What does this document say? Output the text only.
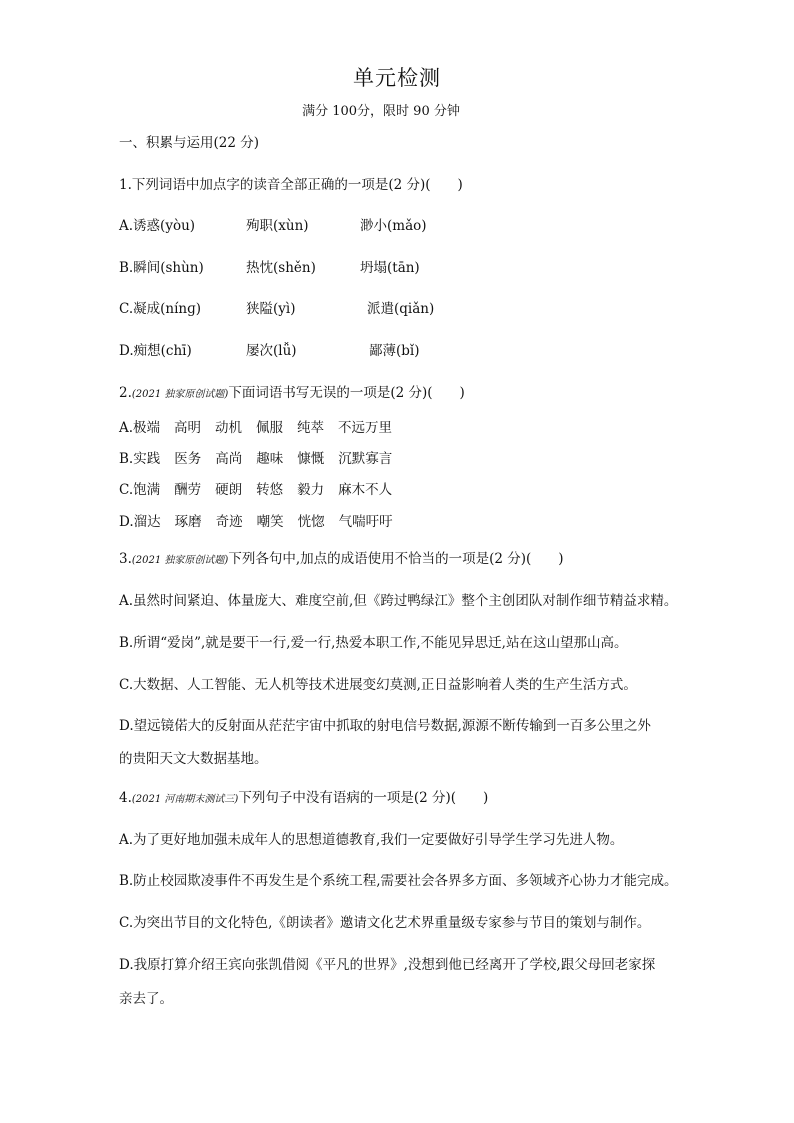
单元检测
满分 100分，限时 90 分钟
一、积累与运用(22 分)
1.下列词语中加点字的读音全部正确的一项是(2 分)(　　)
A.诱惑(yòu)	殉职(xùn)	渺小(mǎo)
B.瞬间(shùn)	热忱(shěn)	坍塌(tān)
C.凝成(nínɡ)	狭隘(yì)	派遣(qiǎn)
D.痴想(chī)	屡次(lǚ)	鄙薄(bǐ)
2.(2021 独家原创试题)下面词语书写无误的一项是(2 分)(　　)
A.极端 高明 动机 佩服 纯萃 不远万里
B.实践 医务 高尚 趣味 慷慨 沉默寡言
C.饱满 酬劳 硬朗 转悠 毅力 麻木不人
D.溜达 琢磨 奇迹 嘲笑 恍惚 气喘吁吁
3.(2021 独家原创试题)下列各句中,加点的成语使用不恰当的一项是(2 分)(　　)
A.虽然时间紧迫、体量庞大、难度空前,但《跨过鸭绿江》整个主创团队对制作细节精益求精。
B.所谓“爱岗”,就是要干一行,爱一行,热爱本职工作,不能见异思迁,站在这山望那山高。
C.大数据、人工智能、无人机等技术进展变幻莫测,正日益影响着人类的生产生活方式。
D.望远镜偌大的反射面从茫茫宇宙中抓取的射电信号数据,源源不断传输到一百多公里之外
的贵阳天文大数据基地。
4.(2021 河南期末测试三)下列句子中没有语病的一项是(2 分)(　　)
A.为了更好地加强未成年人的思想道德教育,我们一定要做好引导学生学习先进人物。
B.防止校园欺凌事件不再发生是个系统工程,需要社会各界多方面、多领域齐心协力才能完成。
C.为突出节目的文化特色,《朗读者》邀请文化艺术界重量级专家参与节目的策划与制作。
D.我原打算介绍王宾向张凯借阅《平凡的世界》,没想到他已经离开了学校,跟父母回老家探
亲去了。
